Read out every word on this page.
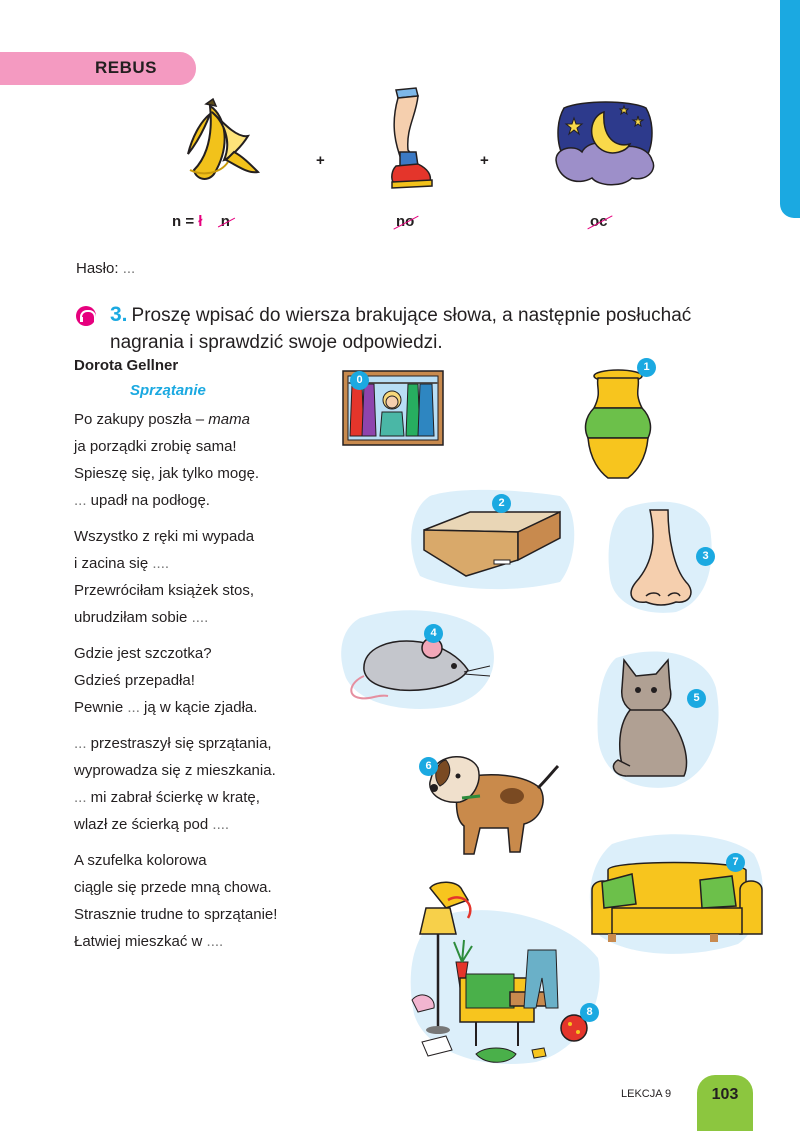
REBUS
+	+
n = ł n	no	oc
Hasło: ...
3. Proszę wpisać do wiersza brakujące słowa, a następnie posłuchać nagrania i sprawdzić swoje odpowiedzi.
Dorota Gellner
Sprzątanie
Po zakupy poszła – mama
ja porządki zrobię sama!
Spieszę się, jak tylko mogę.
... upadł na podłogę.
Wszystko z ręki mi wypada
i zacina się ....
Przewróciłam książek stos,
ubrudziłam sobie ....
Gdzie jest szczotka?
Gdzieś przepadła!
Pewnie ... ją w kącie zjadła.
... przestraszył się sprzątania,
wyprowadza się z mieszkania.
... mi zabrał ścierkę w kratę,
wlazł ze ścierką pod ....
A szufelka kolorowa
ciągle się przede mną chowa.
Strasznie trudne to sprzątanie!
Łatwiej mieszkać w ....
0
1
2
3
4
5
6
7
8
LEKCJA 9	103
